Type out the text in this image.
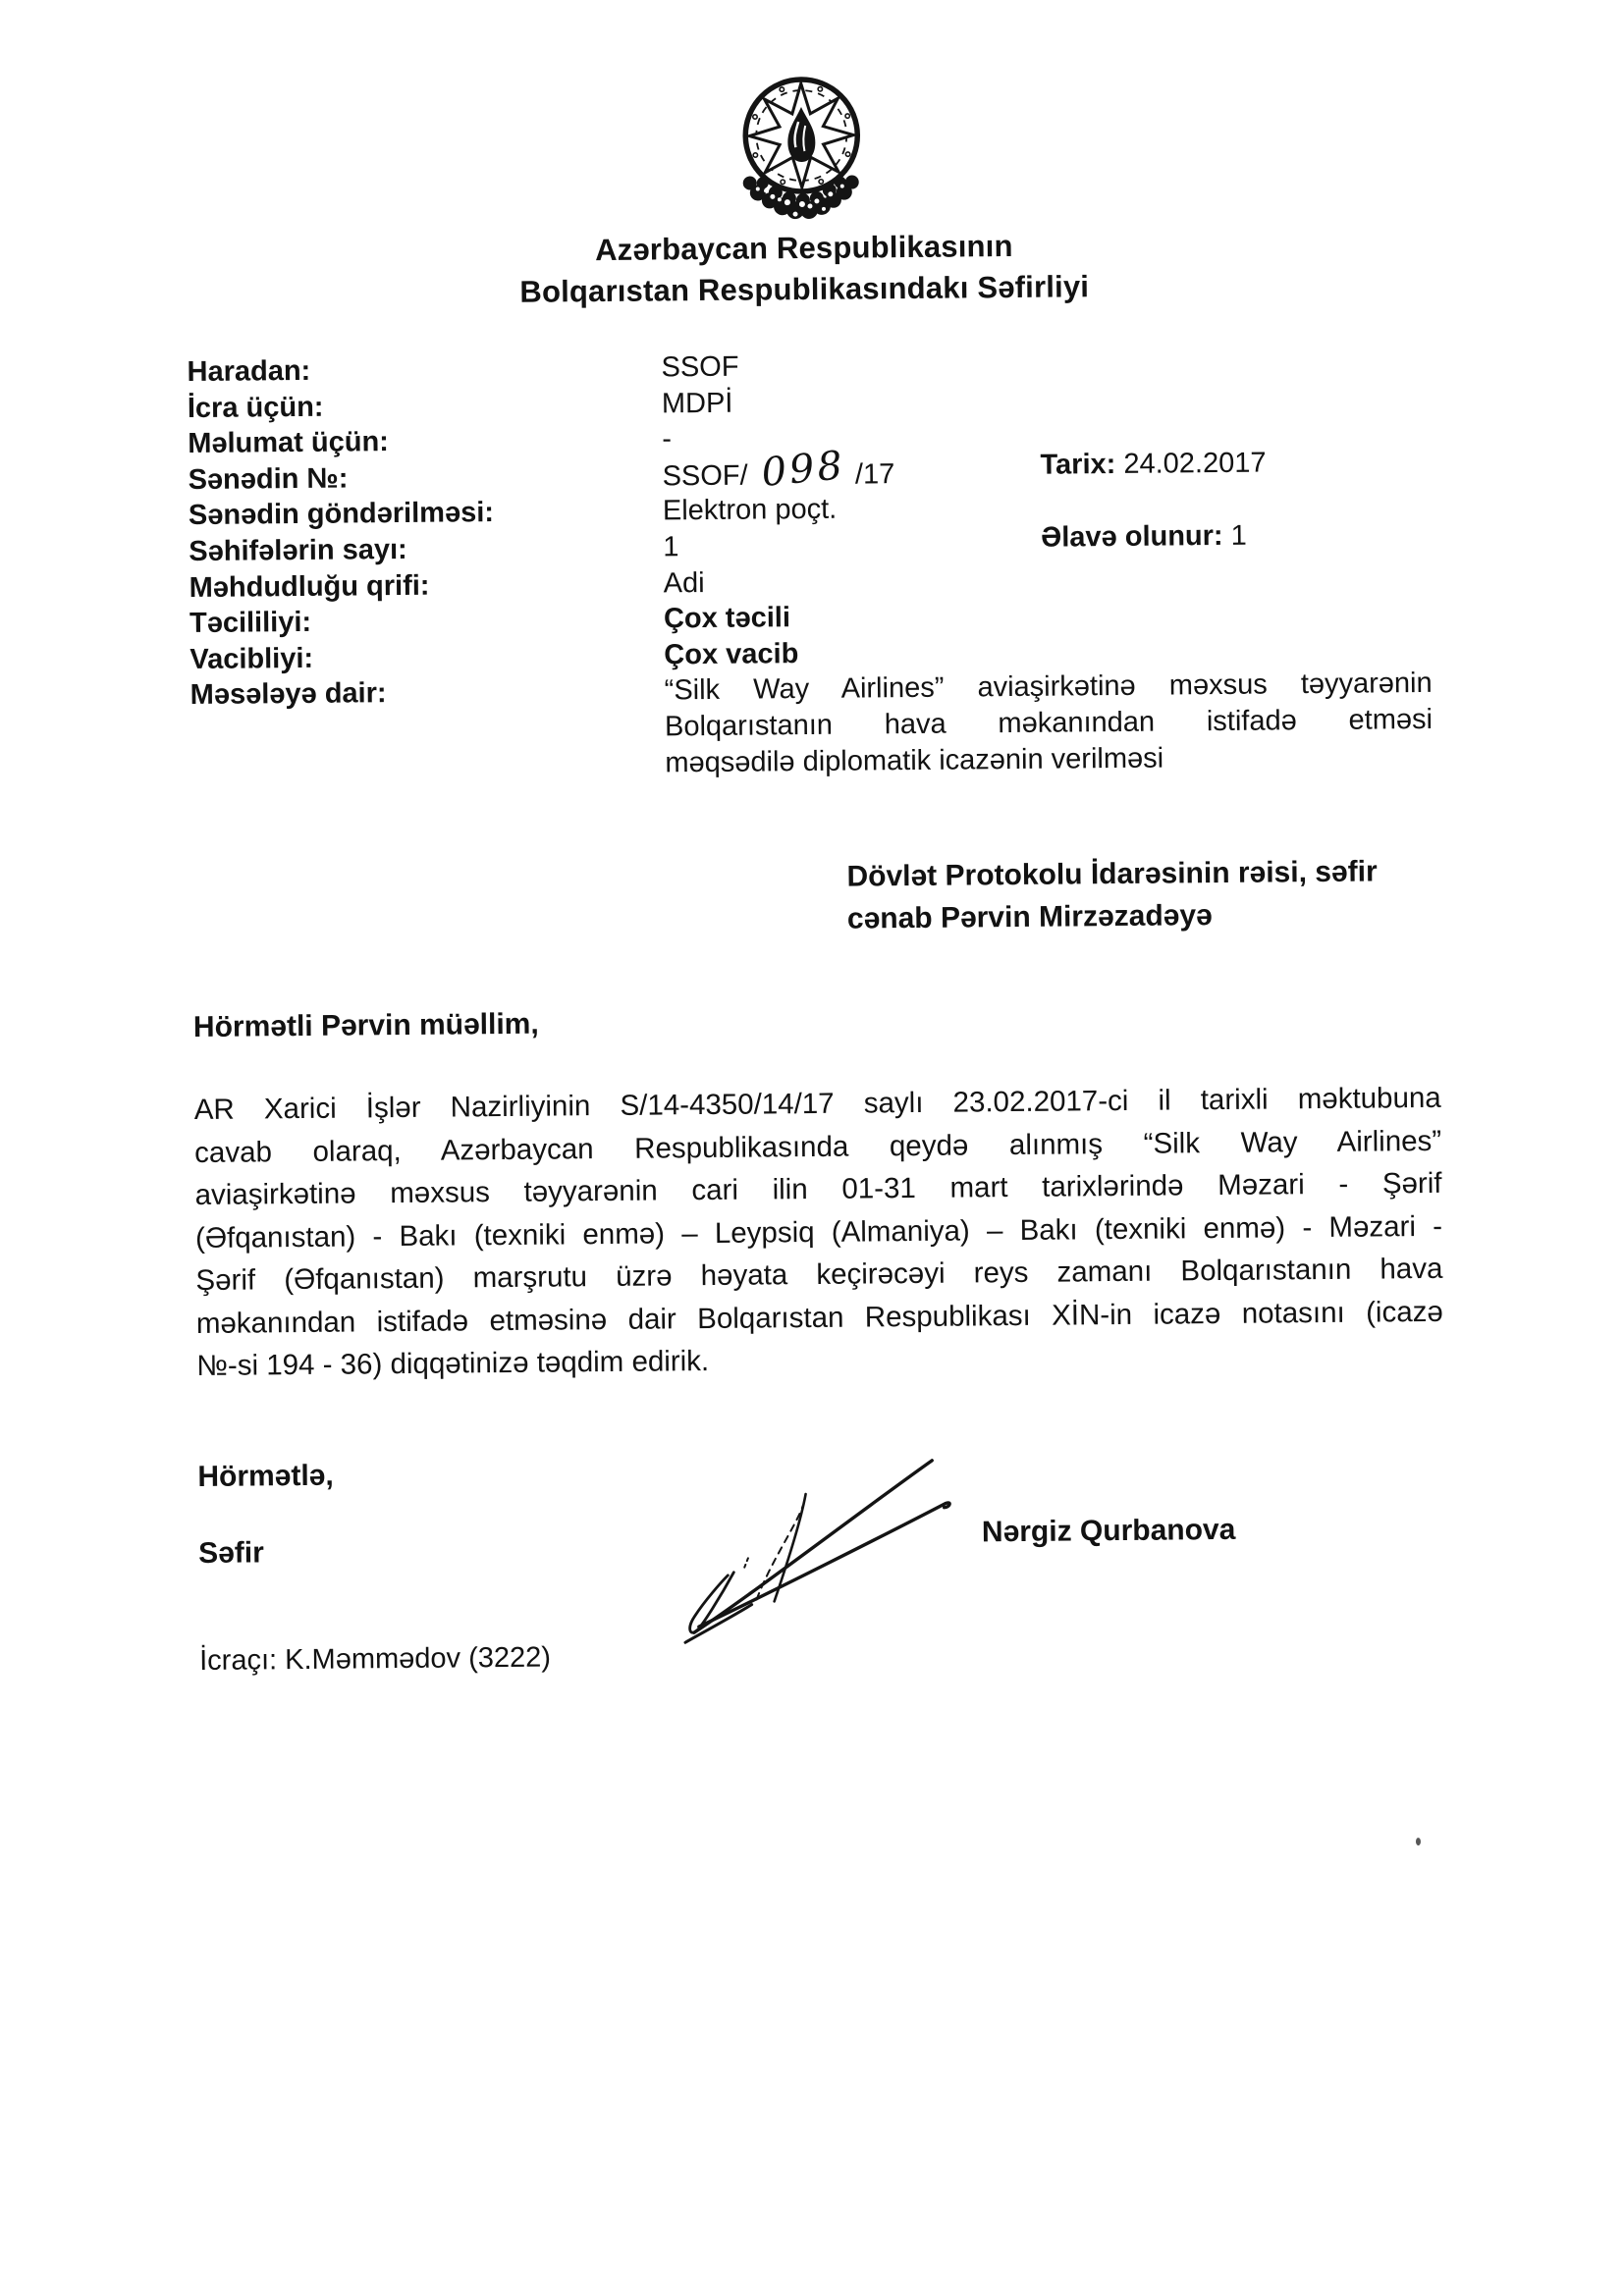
Azərbaycan Respublikasının
Bolqarıstan Respublikasındakı Səfirliyi
Haradan:	SSOF
İcra üçün:	MDPİ
Məlumat üçün:	-
Sənədin №:	SSOF/ 098 /17
Sənədin göndərilməsi:	Elektron poçt.
Səhifələrin sayı:	1
Məhdudluğu qrifi:	Adi
Təcililiyi:	Çox təcili
Vacibliyi:	Çox vacib
Məsələyə dair:	“Silk Way Airlines” aviaşirkətinə məxsus təyyarənin
Bolqarıstanın hava məkanından istifadə etməsi
məqsədilə diplomatik icazənin verilməsi
Tarix: 24.02.2017
Əlavə olunur: 1
Dövlət Protokolu İdarəsinin rəisi, səfir
cənab Pərvin Mirzəzadəyə
Hörmətli Pərvin müəllim,
AR Xarici İşlər Nazirliyinin S/14-4350/14/17 saylı 23.02.2017-ci il tarixli məktubuna
cavab olaraq, Azərbaycan Respublikasında qeydə alınmış “Silk Way Airlines”
aviaşirkətinə məxsus təyyarənin cari ilin 01-31 mart tarixlərində Məzari - Şərif
(Əfqanıstan) - Bakı (texniki enmə) – Leypsiq (Almaniya) – Bakı (texniki enmə) - Məzari -
Şərif (Əfqanıstan) marşrutu üzrə həyata keçirəcəyi reys zamanı Bolqarıstanın hava
məkanından istifadə etməsinə dair Bolqarıstan Respublikası XİN-in icazə notasını (icazə
№-si 194 - 36) diqqətinizə təqdim edirik.
Hörmətlə,
Səfir
Nərgiz Qurbanova
İcraçı: K.Məmmədov (3222)
